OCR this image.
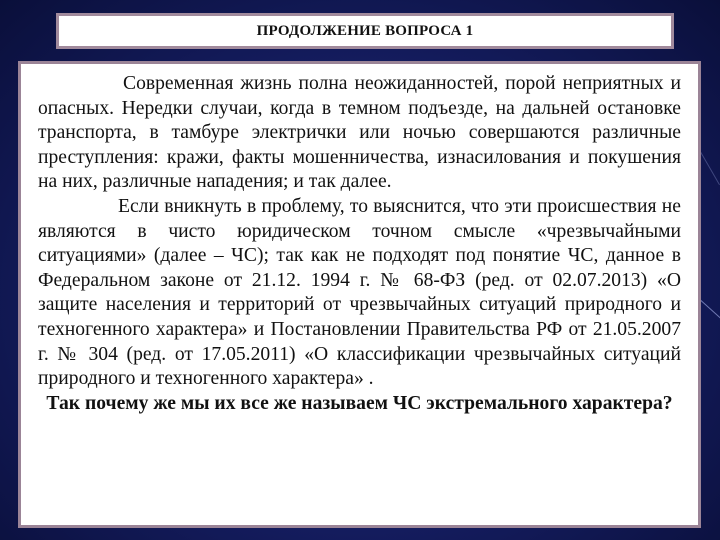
ПРОДОЛЖЕНИЕ ВОПРОСА 1

Современная жизнь полна неожиданностей, порой неприятных и опасных. Нередки случаи, когда в темном подъезде, на дальней остановке транспорта, в тамбуре электрички или ночью совершаются различные преступления: кражи, факты мошенничества, изнасилования и покушения на них, различные нападения; и так далее.

Если вникнуть в проблему, то выяснится, что эти происшествия не являются в чисто юридическом точном смысле «чрезвычайными ситуациями» (далее – ЧС); так как не подходят под понятие ЧС, данное в Федеральном законе от 21.12. 1994 г. № 68-ФЗ (ред. от 02.07.2013) «О защите населения и территорий от чрезвычайных ситуаций природного и техногенного характера» и Постановлении Правительства РФ от 21.05.2007 г. № 304 (ред. от 17.05.2011) «О классификации чрезвычайных ситуаций природного и техногенного характера» .

Так почему же мы их все же называем ЧС экстремального характера?
